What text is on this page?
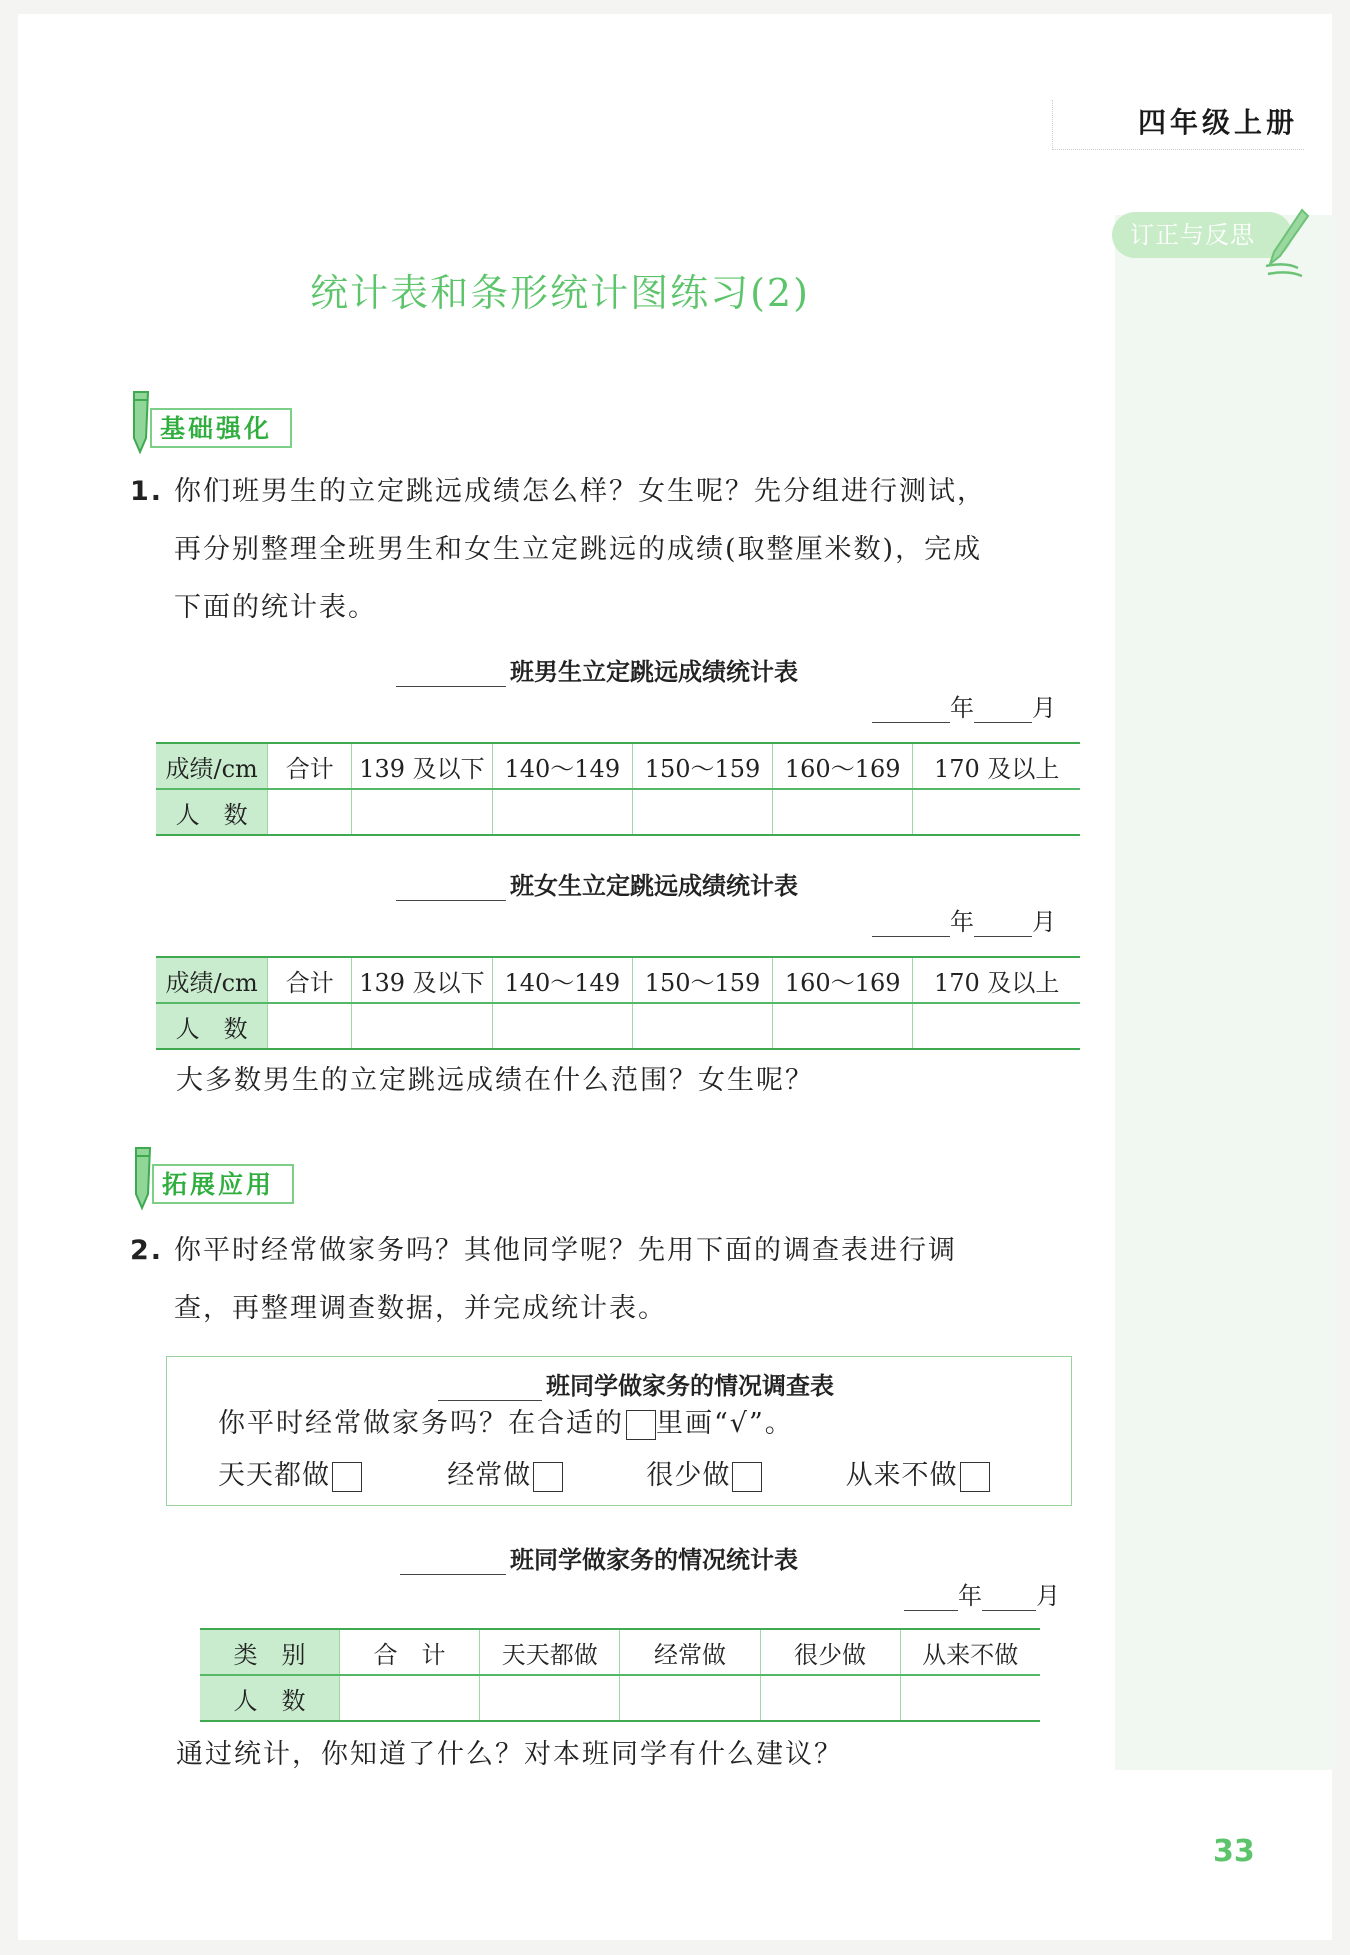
四年级上册
订正与反思
统计表和条形统计图练习(2)
基础强化
1. 你们班男生的立定跳远成绩怎么样？女生呢？先分组进行测试，
再分别整理全班男生和女生立定跳远的成绩(取整厘米数)，完成
下面的统计表。
班男生立定跳远成绩统计表
年 月
成绩/cm	合计	139 及以下	140～149	150～159	160～169	170 及以上
人　数						
班女生立定跳远成绩统计表
年 月
成绩/cm	合计	139 及以下	140～149	150～159	160～169	170 及以上
人　数						
大多数男生的立定跳远成绩在什么范围？女生呢？
拓展应用
2. 你平时经常做家务吗？其他同学呢？先用下面的调查表进行调
查，再整理调查数据，并完成统计表。
班同学做家务的情况调查表
你平时经常做家务吗？在合适的 里画“√”。
天天都做	经常做	很少做	从来不做
班同学做家务的情况统计表
年 月
类　别	合　计	天天都做	经常做	很少做	从来不做
人　数					
通过统计，你知道了什么？对本班同学有什么建议？
33
